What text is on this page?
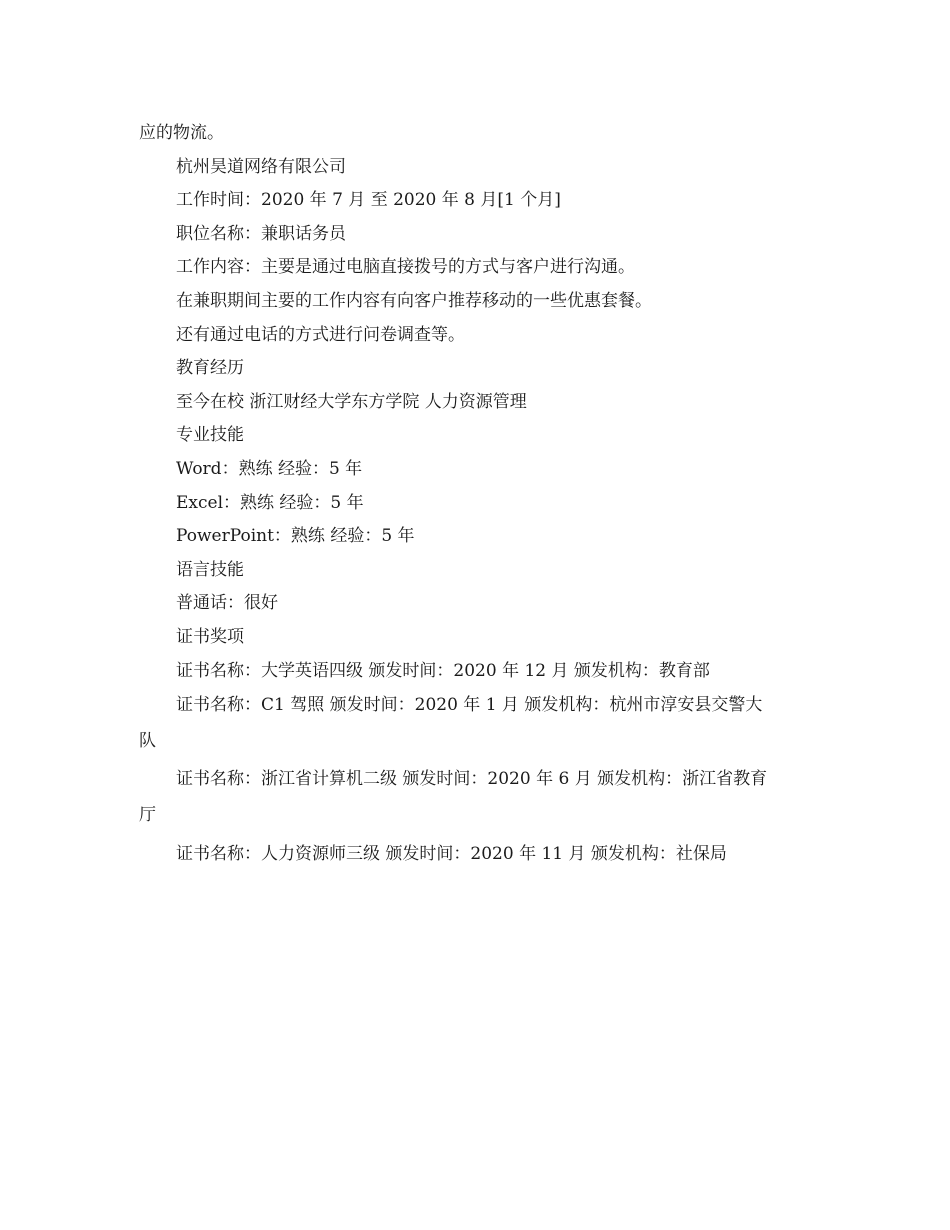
应的物流。
杭州昊道网络有限公司
工作时间：2020 年 7 月 至 2020 年 8 月[1 个月]
职位名称：兼职话务员
工作内容：主要是通过电脑直接拨号的方式与客户进行沟通。
在兼职期间主要的工作内容有向客户推荐移动的一些优惠套餐。
还有通过电话的方式进行问卷调查等。
教育经历
至今在校 浙江财经大学东方学院 人力资源管理
专业技能
Word：熟练 经验：5 年
Excel：熟练 经验：5 年
PowerPoint：熟练 经验：5 年
语言技能
普通话：很好
证书奖项
证书名称：大学英语四级 颁发时间：2020 年 12 月 颁发机构：教育部
证书名称：C1 驾照 颁发时间：2020 年 1 月 颁发机构：杭州市淳安县交警大
队
证书名称：浙江省计算机二级 颁发时间：2020 年 6 月 颁发机构：浙江省教育
厅
证书名称：人力资源师三级 颁发时间：2020 年 11 月 颁发机构：社保局
